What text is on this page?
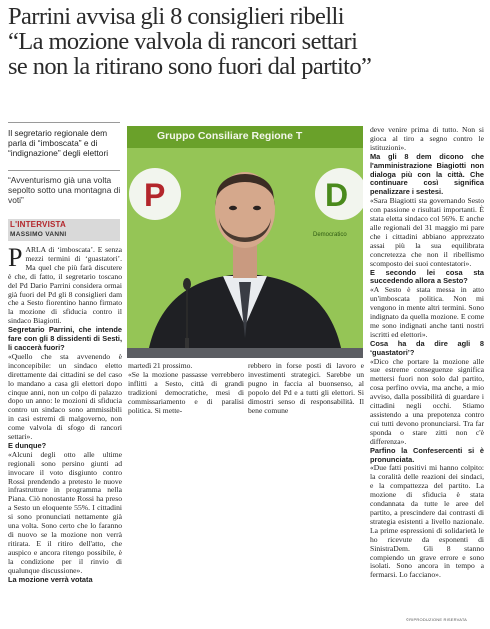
Parrini avvisa gli 8 consiglieri ribelli
“La mozione valvola di rancori settari
se non la ritirano sono fuori dal partito”
Il segretario regionale dem parla di “imboscata” e di “indignazione” degli elettori
“Avventurismo già una volta sepolto sotto una montagna di voti”
L'INTERVISTA
MASSIMO VANNI
Gruppo Consiliare Regione T
P	D
Democratico
P ARLA di ‘imboscata’. E senza mezzi termini di ‘guastatori’. Ma quel che più farà discutere è che, di fatto, il segretario toscano del Pd Dario Parrini considera ormai già fuori del Pd gli 8 consiglieri dam che a Sesto fiorentino hanno firmato la mozione di sfiducia contro il sindaco Biagiotti.

Segretario Parrini, che intende fare con gli 8 dissidenti di Sesti, li caccerà fuori?

«Quello che sta avvenendo è inconcepibile: un sindaco eletto direttamente dai cittadini se del caso lo mandano a casa gli elettori dopo cinque anni, non un colpo di palazzo dopo un anno: le mozioni di sfiducia contro un sindaco sono ammissibili in casi estremi di malgoverno, non come valvola di sfogo di rancori settari».

E dunque?

«Alcuni degli otto alle ultime regionali sono persino giunti ad invocare il voto disgiunto contro Rossi prendendo a pretesto le nuove infrastrutture in programma nella Piana. Ciò nonostante Rossi ha preso a Sesto un eloquente 55%. I cittadini si sono pronunciati nettamente già una volta. Sono certo che lo faranno di nuovo se la mozione non verrà ritirata. E il ritiro dell'atto, che auspico e ancora ritengo possibile, è la condizione per il rinvio di qualunque discussione».

La mozione verrà votata

martedì 21 prossimo.

«Se la mozione passasse verrebbero inflitti a Sesto, città di grandi tradizioni democratiche, mesi di commissariamento e di paralisi politica. Si mette-

rebbero in forse posti di lavoro e investimenti strategici. Sarebbe un pugno in faccia al buonsenso, al popolo del Pd e a tutti gli elettori. Si dimostri senso di responsabilità. Il bene comune

deve venire prima di tutto. Non si gioca al tiro a segno contro le istituzioni».

Ma gli 8 dem dicono che l'amministrazione Biagiotti non dialoga più con la città. Che continuare così significa penalizzare i sestesi.

«Sara Biagiotti sta governando Sesto con passione e risultati importanti. È stata eletta sindaco col 56%. E anche alle regionali del 31 maggio mi pare che i cittadini abbiano apprezzato assai più la sua equilibrata concretezza che non il ribellismo scomposto dei suoi contestatori».

E secondo lei cosa sta succedendo allora a Sesto?

«A Sesto è stata messa in atto un'imboscata politica. Non mi vengono in mente altri termini. Sono indignato da quella mozione. E come me sono indignati anche tanti nostri iscritti ed elettori».

Cosa ha da dire agli 8 ‘guastatori’?

«Dico che portare la mozione alle sue estreme conseguenze significa mettersi fuori non solo dal partito, cosa perfino ovvia, ma anche, a mio avviso, dalla possibilità di guardare i cittadini negli occhi. Stiamo assistendo a una prepotenza contro cui tutti devono pronunciarsi. Tra far sponda o stare zitti non c'è differenza».

Parfino la Confesercenti si è pronunciata.

«Due fatti positivi mi hanno colpito: la coralità delle reazioni dei sindaci, e la compattezza del partito. La mozione di sfiducia è stata condannata da tutte le aree del partito, a prescindere dai contrasti di strategia esistenti a livello nazionale. La prime espressioni di solidarietà le ho ricevute da esponenti di SinistraDem. Gli 8 stanno compiendo un grave errore e sono isolati. Sono ancora in tempo a fermarsi. Lo facciano».

©RIPRODUZIONE RISERVATA
